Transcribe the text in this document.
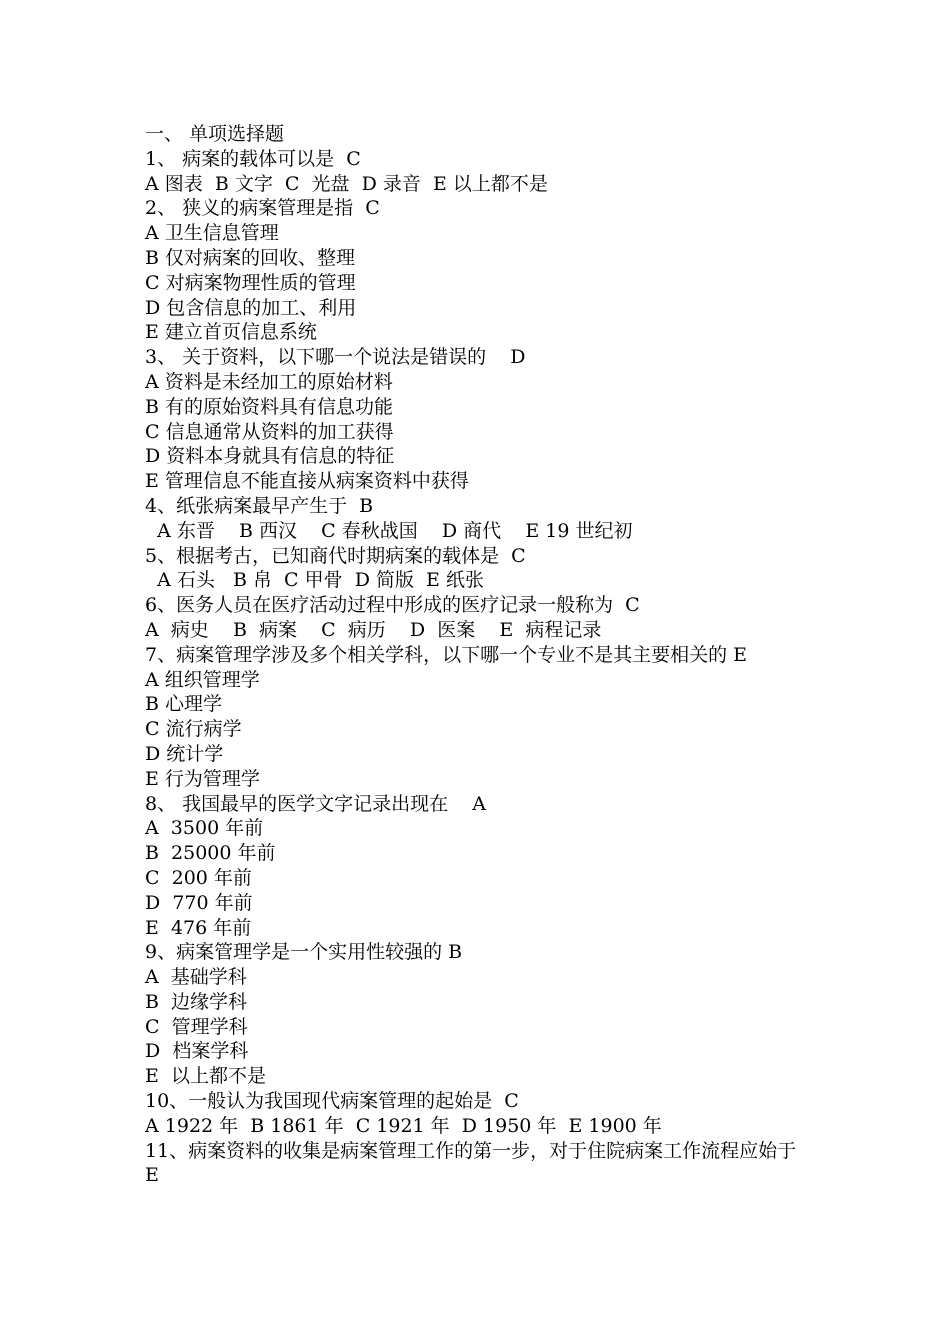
一、 单项选择题
1、 病案的载体可以是  C
A 图表  B 文字  C  光盘  D 录音  E 以上都不是
2、 狭义的病案管理是指  C
A 卫生信息管理
B 仅对病案的回收、整理
C 对病案物理性质的管理
D 包含信息的加工、利用
E 建立首页信息系统
3、 关于资料，以下哪一个说法是错误的    D
A 资料是未经加工的原始材料
B 有的原始资料具有信息功能
C 信息通常从资料的加工获得
D 资料本身就具有信息的特征
E 管理信息不能直接从病案资料中获得
4、纸张病案最早产生于  B
A 东晋    B 西汉    C 春秋战国    D 商代    E 19 世纪初
5、根据考古，已知商代时期病案的载体是  C
A 石头   B 帛  C 甲骨  D 简版  E 纸张
6、医务人员在医疗活动过程中形成的医疗记录一般称为  C
A  病史    B  病案    C  病历    D  医案    E  病程记录
7、病案管理学涉及多个相关学科，以下哪一个专业不是其主要相关的 E
A 组织管理学
B 心理学
C 流行病学
D 统计学
E 行为管理学
8、 我国最早的医学文字记录出现在    A
A  3500 年前
B  25000 年前
C  200 年前
D  770 年前
E  476 年前
9、病案管理学是一个实用性较强的 B
A  基础学科
B  边缘学科
C  管理学科
D  档案学科
E  以上都不是
10、一般认为我国现代病案管理的起始是  C
A 1922 年  B 1861 年  C 1921 年  D 1950 年  E 1900 年
11、病案资料的收集是病案管理工作的第一步，对于住院病案工作流程应始于 E
